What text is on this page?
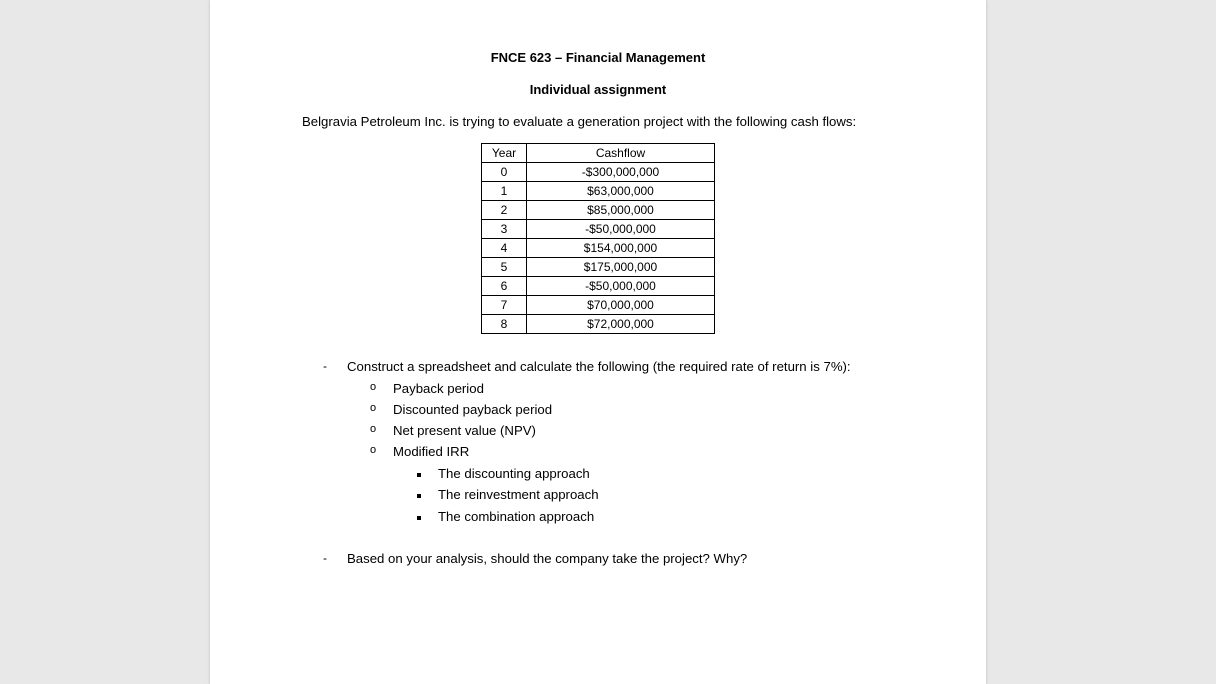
FNCE 623 – Financial Management
Individual assignment
Belgravia Petroleum Inc. is trying to evaluate a generation project with the following cash flows:
Year	Cashflow
0	-$300,000,000
1	$63,000,000
2	$85,000,000
3	-$50,000,000
4	$154,000,000
5	$175,000,000
6	-$50,000,000
7	$70,000,000
8	$72,000,000
- Construct a spreadsheet and calculate the following (the required rate of return is 7%):
o Payback period
o Discounted payback period
o Net present value (NPV)
o Modified IRR
The discounting approach
The reinvestment approach
The combination approach
- Based on your analysis, should the company take the project? Why?
